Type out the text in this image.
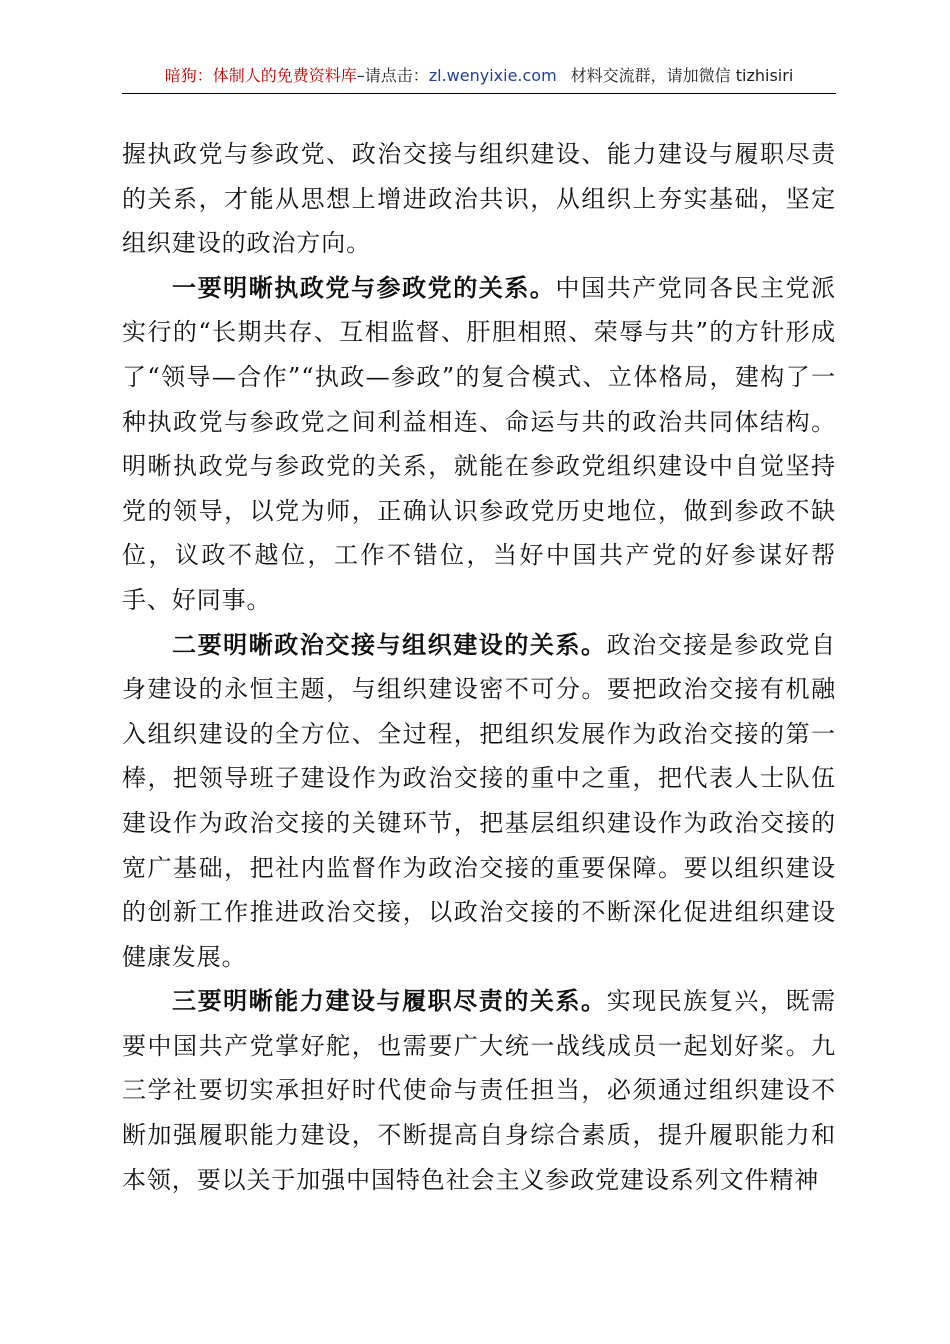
暗狗：体制人的免费资料库–请点击：zl.wenyixie.com 材料交流群，请加微信 tizhisiri

握执政党与参政党、政治交接与组织建设、能力建设与履职尽责的关系，才能从思想上增进政治共识，从组织上夯实基础，坚定组织建设的政治方向。

一要明晰执政党与参政党的关系。中国共产党同各民主党派实行的“长期共存、互相监督、肝胆相照、荣辱与共”的方针形成了“领导—合作”“执政—参政”的复合模式、立体格局，建构了一种执政党与参政党之间利益相连、命运与共的政治共同体结构。明晰执政党与参政党的关系，就能在参政党组织建设中自觉坚持党的领导，以党为师，正确认识参政党历史地位，做到参政不缺位，议政不越位，工作不错位，当好中国共产党的好参谋好帮手、好同事。

二要明晰政治交接与组织建设的关系。政治交接是参政党自身建设的永恒主题，与组织建设密不可分。要把政治交接有机融入组织建设的全方位、全过程，把组织发展作为政治交接的第一棒，把领导班子建设作为政治交接的重中之重，把代表人士队伍建设作为政治交接的关键环节，把基层组织建设作为政治交接的宽广基础，把社内监督作为政治交接的重要保障。要以组织建设的创新工作推进政治交接，以政治交接的不断深化促进组织建设健康发展。

三要明晰能力建设与履职尽责的关系。实现民族复兴，既需要中国共产党掌好舵，也需要广大统一战线成员一起划好桨。九三学社要切实承担好时代使命与责任担当，必须通过组织建设不断加强履职能力建设，不断提高自身综合素质，提升履职能力和本领，要以关于加强中国特色社会主义参政党建设系列文件精神
